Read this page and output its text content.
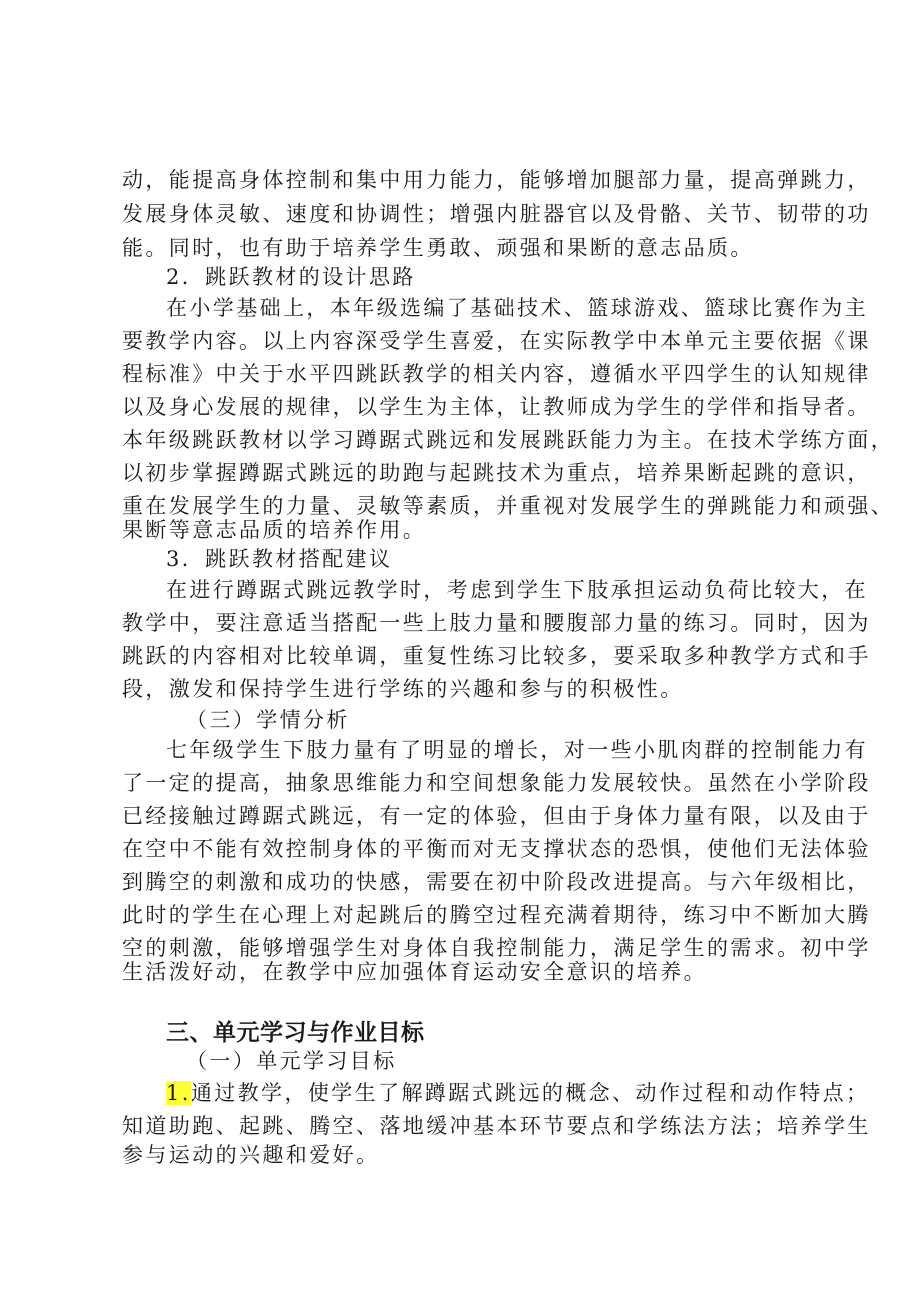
动，能提高身体控制和集中用力能力，能够增加腿部力量，提高弹跳力，
发展身体灵敏、速度和协调性；增强内脏器官以及骨骼、关节、韧带的功
能。同时，也有助于培养学生勇敢、顽强和果断的意志品质。
2．跳跃教材的设计思路
在小学基础上，本年级选编了基础技术、篮球游戏、篮球比赛作为主
要教学内容。以上内容深受学生喜爱，在实际教学中本单元主要依据《课
程标准》中关于水平四跳跃教学的相关内容，遵循水平四学生的认知规律
以及身心发展的规律，以学生为主体，让教师成为学生的学伴和指导者。
本年级跳跃教材以学习蹲踞式跳远和发展跳跃能力为主。在技术学练方面，
以初步掌握蹲踞式跳远的助跑与起跳技术为重点，培养果断起跳的意识，
重在发展学生的力量、灵敏等素质，并重视对发展学生的弹跳能力和顽强、
果断等意志品质的培养作用。
3．跳跃教材搭配建议
在进行蹲踞式跳远教学时，考虑到学生下肢承担运动负荷比较大，在
教学中，要注意适当搭配一些上肢力量和腰腹部力量的练习。同时，因为
跳跃的内容相对比较单调，重复性练习比较多，要采取多种教学方式和手
段，激发和保持学生进行学练的兴趣和参与的积极性。
（三）学情分析
七年级学生下肢力量有了明显的增长，对一些小肌肉群的控制能力有
了一定的提高，抽象思维能力和空间想象能力发展较快。虽然在小学阶段
已经接触过蹲踞式跳远，有一定的体验，但由于身体力量有限，以及由于
在空中不能有效控制身体的平衡而对无支撑状态的恐惧，使他们无法体验
到腾空的刺激和成功的快感，需要在初中阶段改进提高。与六年级相比，
此时的学生在心理上对起跳后的腾空过程充满着期待，练习中不断加大腾
空的刺激，能够增强学生对身体自我控制能力，满足学生的需求。初中学
生活泼好动，在教学中应加强体育运动安全意识的培养。
三、单元学习与作业目标
（一）单元学习目标
1.通过教学，使学生了解蹲踞式跳远的概念、动作过程和动作特点；
知道助跑、起跳、腾空、落地缓冲基本环节要点和学练法方法；培养学生
参与运动的兴趣和爱好。
